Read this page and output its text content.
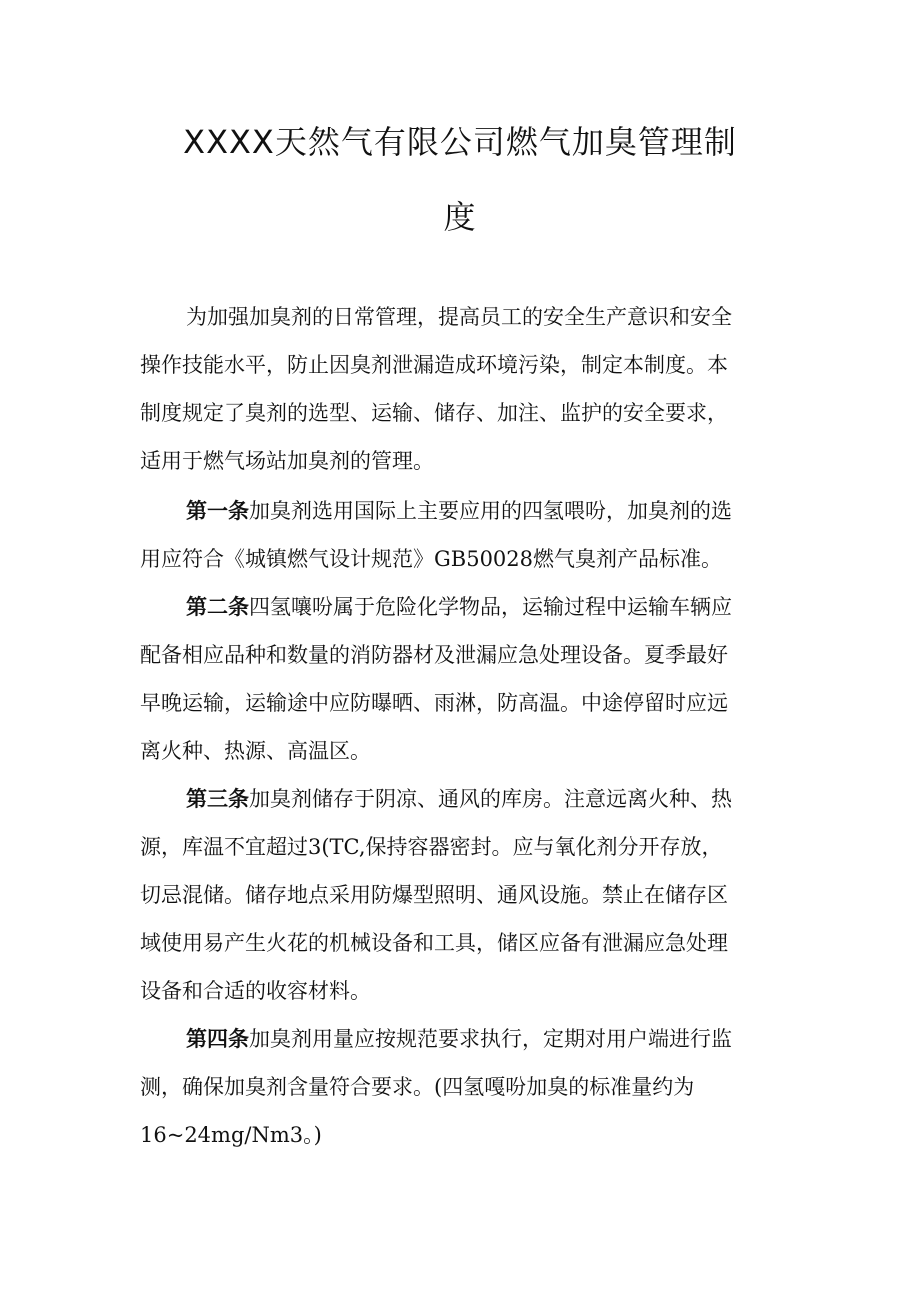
XXXX天然气有限公司燃气加臭管理制
度
为加强加臭剂的日常管理，提高员工的安全生产意识和安全
操作技能水平，防止因臭剂泄漏造成环境污染，制定本制度。本
制度规定了臭剂的选型、运输、储存、加注、监护的安全要求，
适用于燃气场站加臭剂的管理。
第一条加臭剂选用国际上主要应用的四氢喂吩，加臭剂的选
用应符合《城镇燃气设计规范》GB50028燃气臭剂产品标准。
第二条四氢嚷吩属于危险化学物品，运输过程中运输车辆应
配备相应品种和数量的消防器材及泄漏应急处理设备。夏季最好
早晚运输，运输途中应防曝晒、雨淋，防高温。中途停留时应远
离火种、热源、高温区。
第三条加臭剂储存于阴凉、通风的库房。注意远离火种、热
源，库温不宜超过3(TC,保持容器密封。应与氧化剂分开存放，
切忌混储。储存地点采用防爆型照明、通风设施。禁止在储存区
域使用易产生火花的机械设备和工具，储区应备有泄漏应急处理
设备和合适的收容材料。
第四条加臭剂用量应按规范要求执行，定期对用户端进行监
测，确保加臭剂含量符合要求。(四氢嘎吩加臭的标准量约为
16~24mg/Nm3。)
